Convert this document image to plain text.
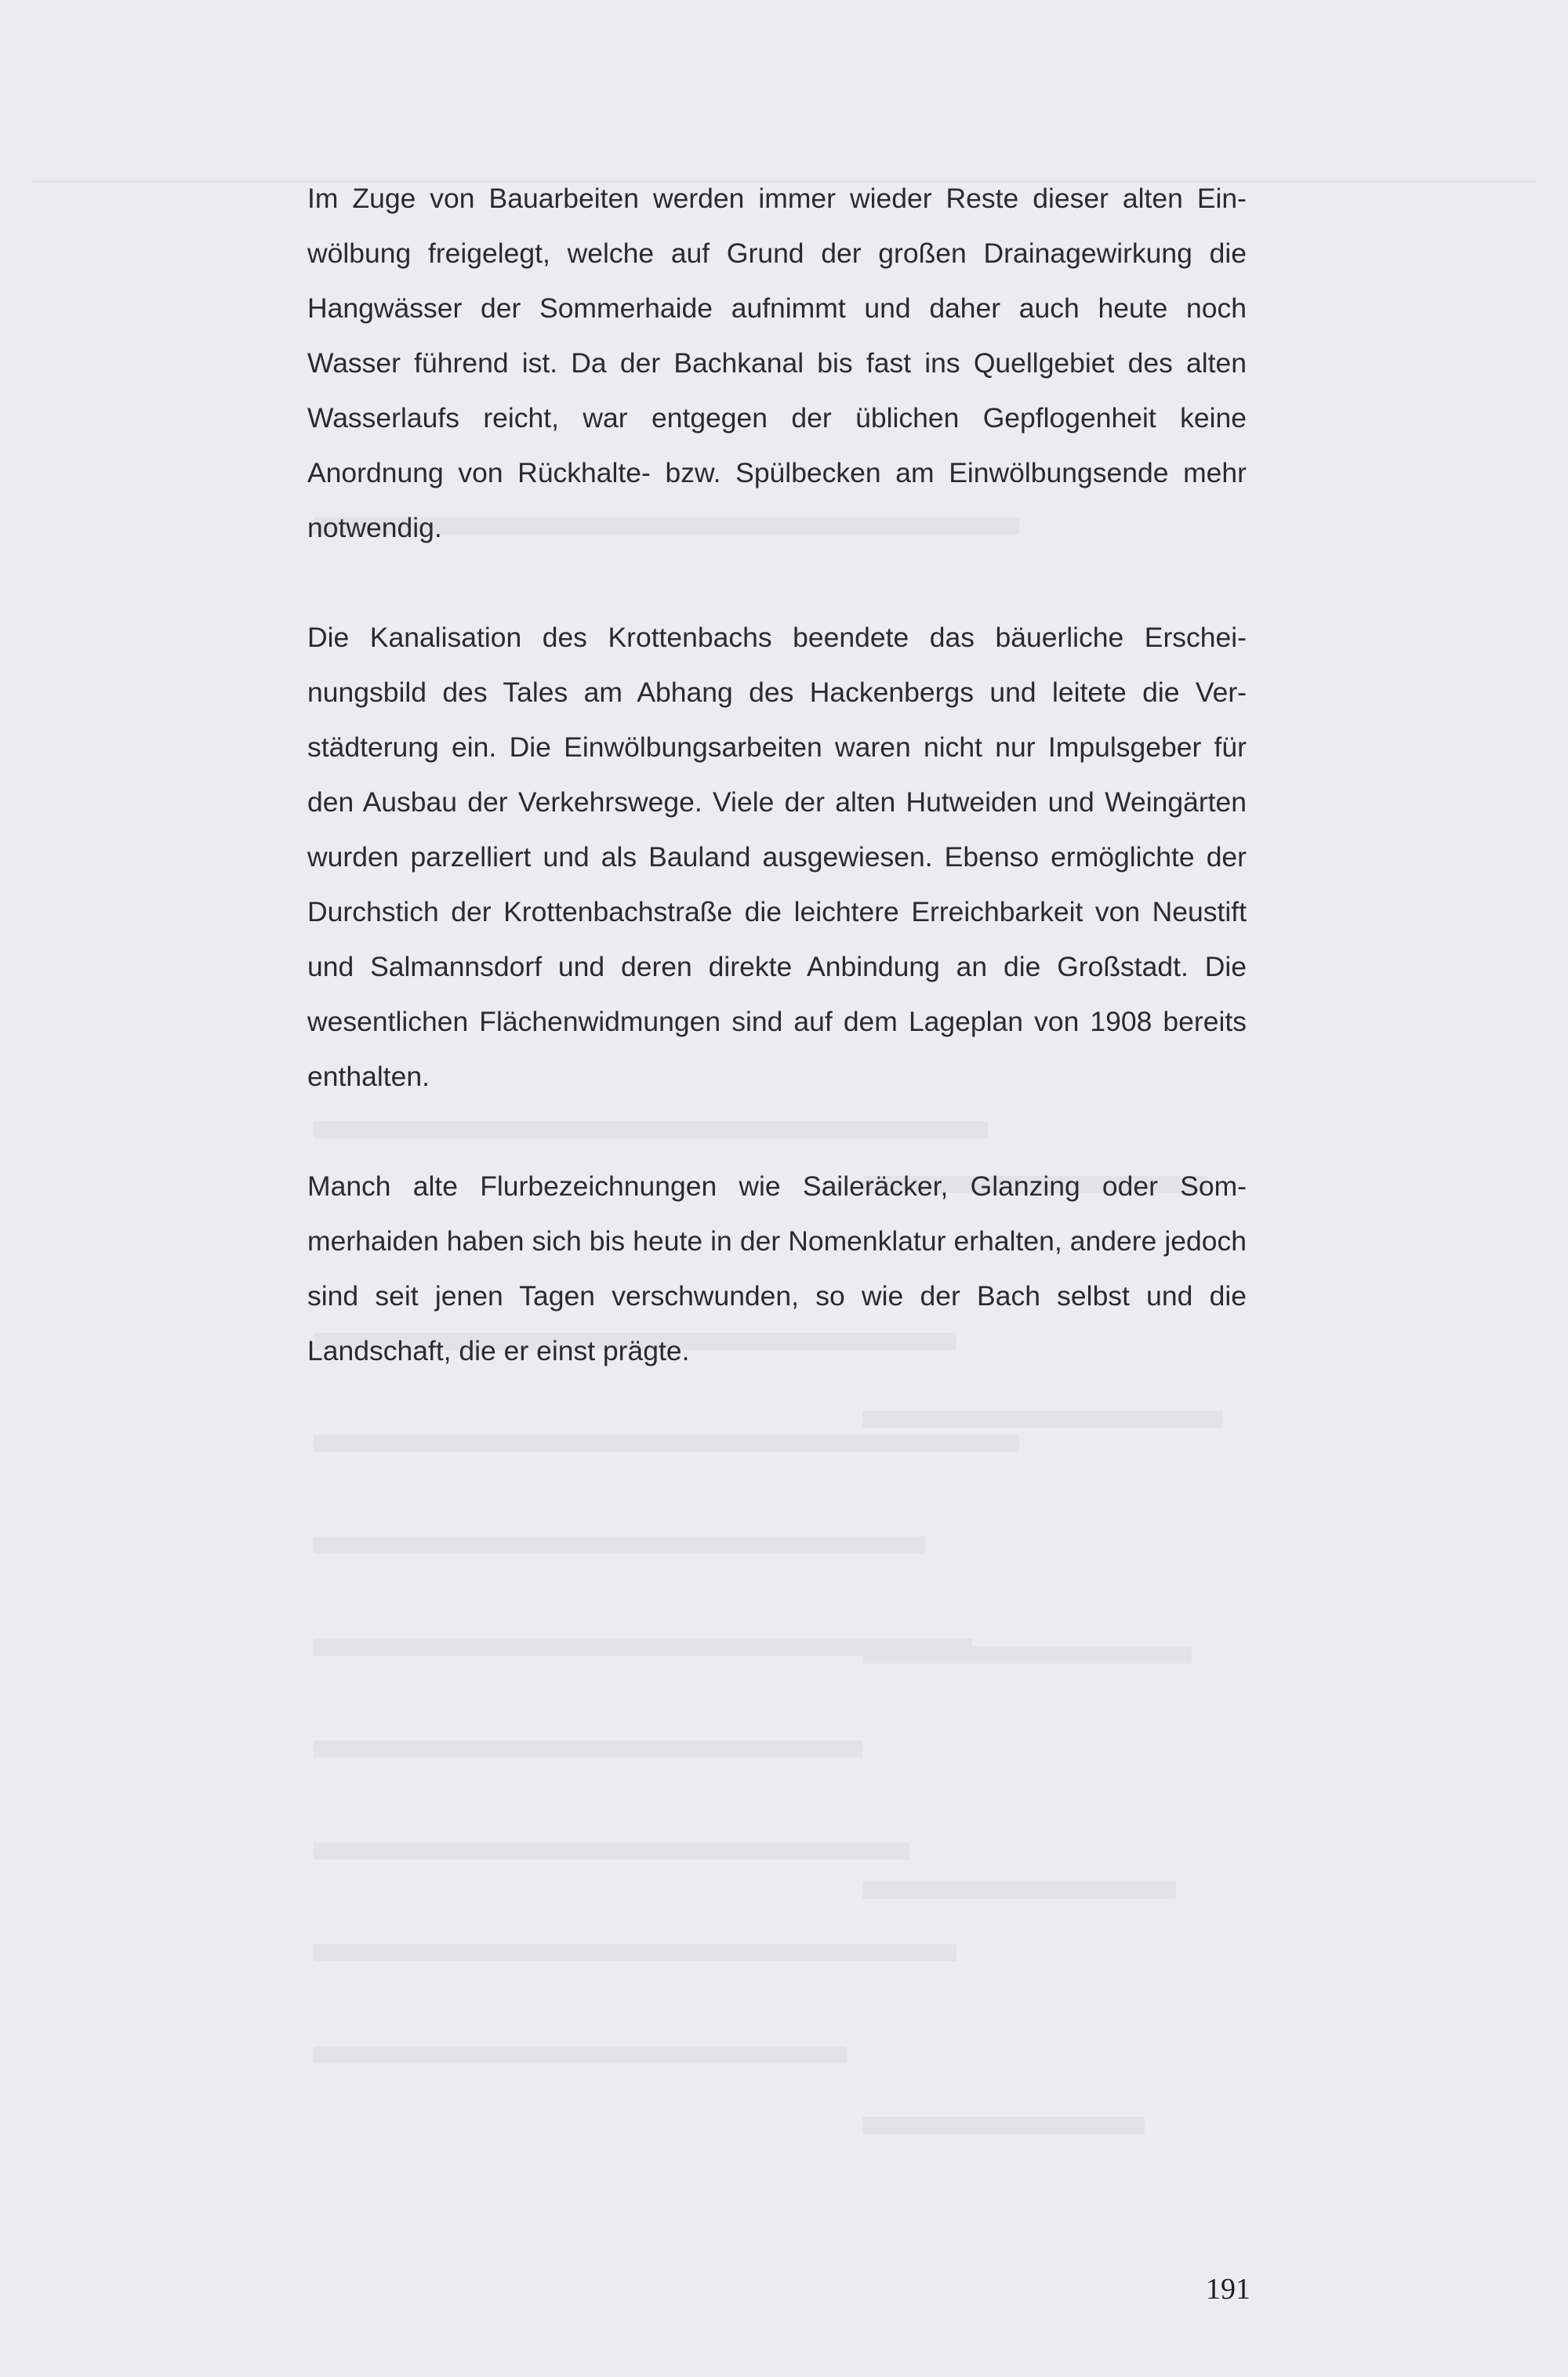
Im Zuge von Bauarbeiten werden immer wieder Reste dieser alten Einwölbung freigelegt, welche auf Grund der großen Drainagewirkung die Hangwässer der Sommerhaide aufnimmt und daher auch heute noch Wasser führend ist. Da der Bachkanal bis fast ins Quellgebiet des alten Wasserlaufs reicht, war entgegen der üblichen Gepflogenheit keine Anordnung von Rückhalte- bzw. Spülbecken am Einwölbungsende mehr notwendig.

Die Kanalisation des Krottenbachs beendete das bäuerliche Erscheinungsbild des Tales am Abhang des Hackenbergs und leitete die Verstädterung ein. Die Einwölbungsarbeiten waren nicht nur Impulsgeber für den Ausbau der Verkehrswege. Viele der alten Hutweiden und Weingärten wurden parzelliert und als Bauland ausgewiesen. Ebenso ermöglichte der Durchstich der Krottenbachstraße die leichtere Erreichbarkeit von Neustift und Salmannsdorf und deren direkte Anbindung an die Großstadt. Die wesentlichen Flächenwidmungen sind auf dem Lageplan von 1908 bereits enthalten.

Manch alte Flurbezeichnungen wie Saileräcker, Glanzing oder Sommerhaiden haben sich bis heute in der Nomenklatur erhalten, andere jedoch sind seit jenen Tagen verschwunden, so wie der Bach selbst und die Landschaft, die er einst prägte.

191
